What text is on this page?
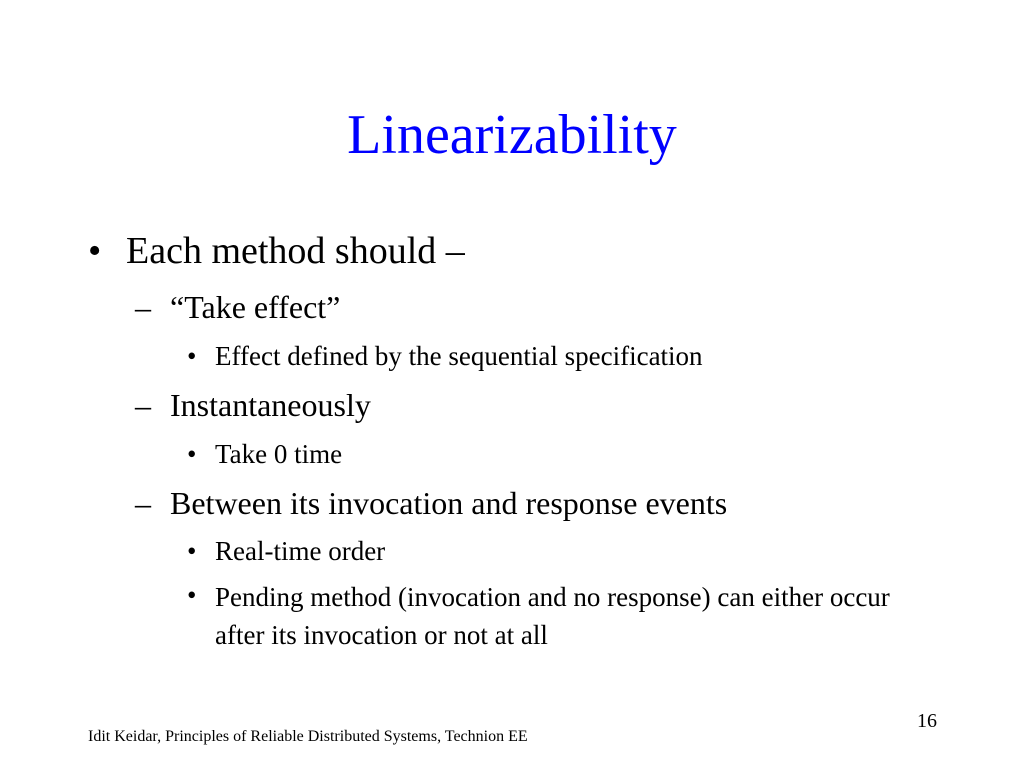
Linearizability
• Each method should –
– “Take effect”
• Effect defined by the sequential specification
– Instantaneously
• Take 0 time
– Between its invocation and response events
• Real-time order
• Pending method (invocation and no response) can either occur after its invocation or not at all
16
Idit Keidar, Principles of Reliable Distributed Systems, Technion EE
